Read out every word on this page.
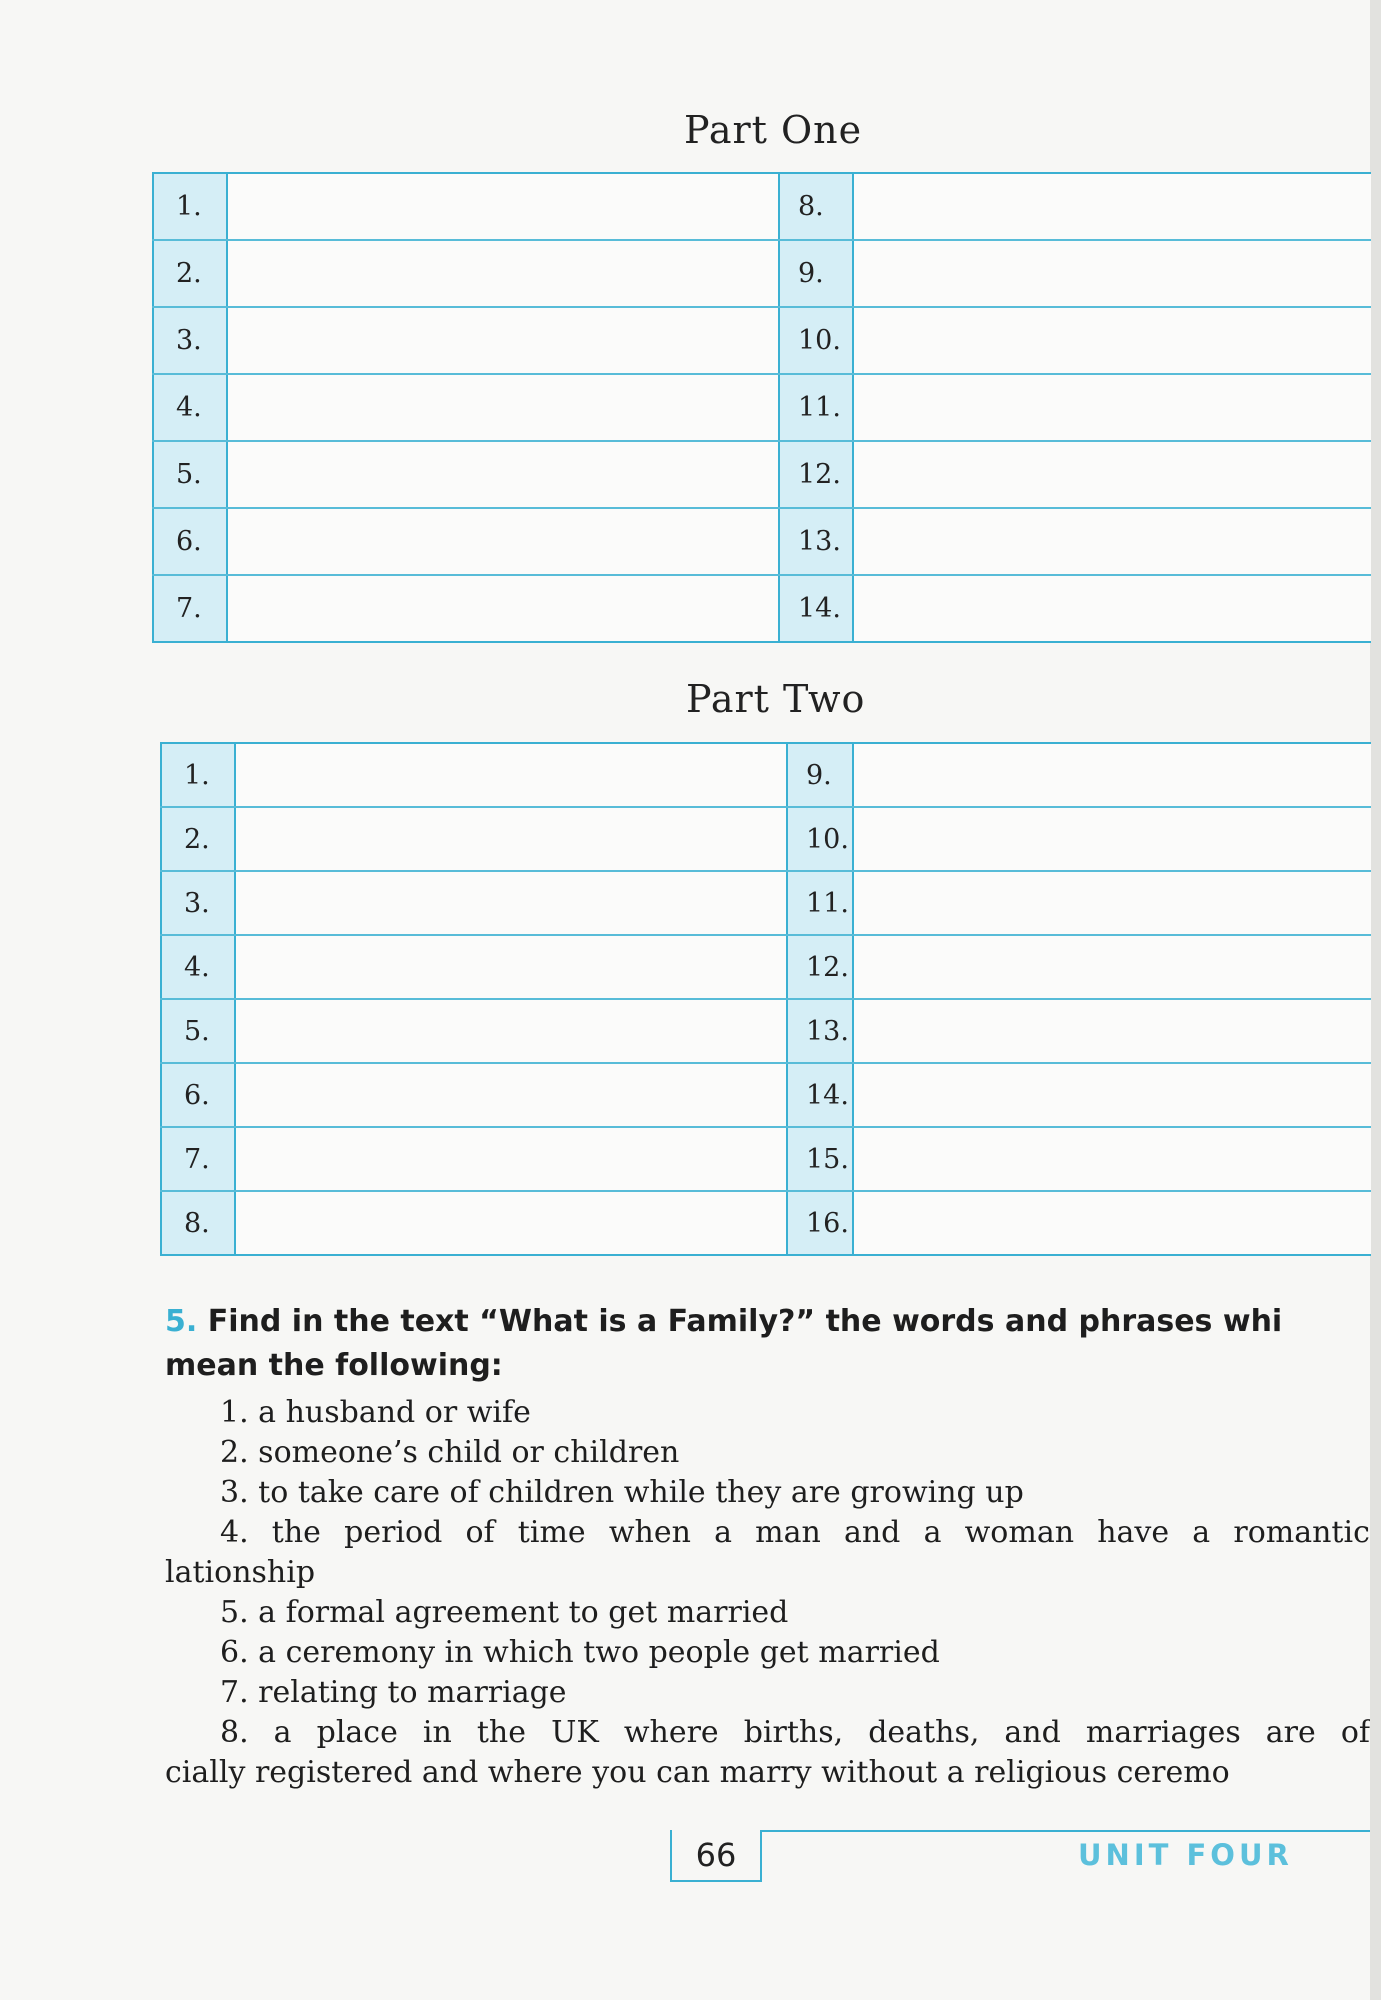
Part One
1.		8.	
2.		9.	
3.		10.	
4.		11.	
5.		12.	
6.		13.	
7.		14.	
Part Two
1.		9.	
2.		10.	
3.		11.	
4.		12.	
5.		13.	
6.		14.	
7.		15.	
8.		16.	
5. Find in the text “What is a Family?” the words and phrases whi
mean the following:
1. a husband or wife
2. someone’s child or children
3. to take care of children while they are growing up
4. the period of time when a man and a woman have a romantic
lationship
5. a formal agreement to get married
6. a ceremony in which two people get married
7. relating to marriage
8. a place in the UK where births, deaths, and marriages are of
cially registered and where you can marry without a religious ceremo
66	UNIT FOUR
